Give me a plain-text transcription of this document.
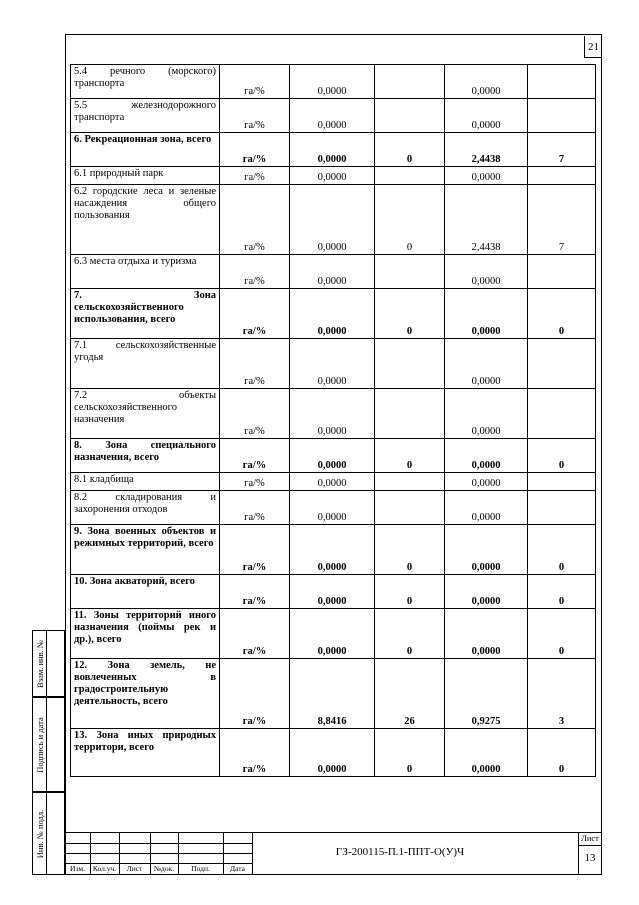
21
5.4 речного (морского) транспорта	га/%	0,0000		0,0000	
5.5 железнодорожного транспорта	га/%	0,0000		0,0000	
6. Рекреационная зона, всего	га/%	0,0000	0	2,4438	7
6.1 природный парк	га/%	0,0000		0,0000	
6.2 городские леса и зеленые насаждения общего пользования	га/%	0,0000	0	2,4438	7
6.3 места отдыха и туризма	га/%	0,0000		0,0000	
7. Зона сельскохозяйственного использования, всего	га/%	0,0000	0	0,0000	0
7.1 сельскохозяйственные угодья	га/%	0,0000		0,0000	
7.2 объекты сельскохозяйственного назначения	га/%	0,0000		0,0000	
8. Зона специального назначения, всего	га/%	0,0000	0	0,0000	0
8.1 кладбища	га/%	0,0000		0,0000	
8.2 складирования и захоронения отходов	га/%	0,0000		0,0000	
9. Зона военных объектов и режимных территорий, всего	га/%	0,0000	0	0,0000	0
10. Зона акваторий, всего	га/%	0,0000	0	0,0000	0
11. Зоны территорий иного назначения (поймы рек и др.), всего	га/%	0,0000	0	0,0000	0
12. Зона земель, не вовлеченных в градостроительную деятельность, всего	га/%	8,8416	26	0,9275	3
13. Зона иных природных территори, всего	га/%	0,0000	0	0,0000	0
Взам. инв. №
Подпись и дата
Инв. № подл.
Изм.	Кол.уч.	Лист	№док.	Подп.	Дата
ГЗ-200115-П.1-ППТ-О(У)Ч
Лист
13
